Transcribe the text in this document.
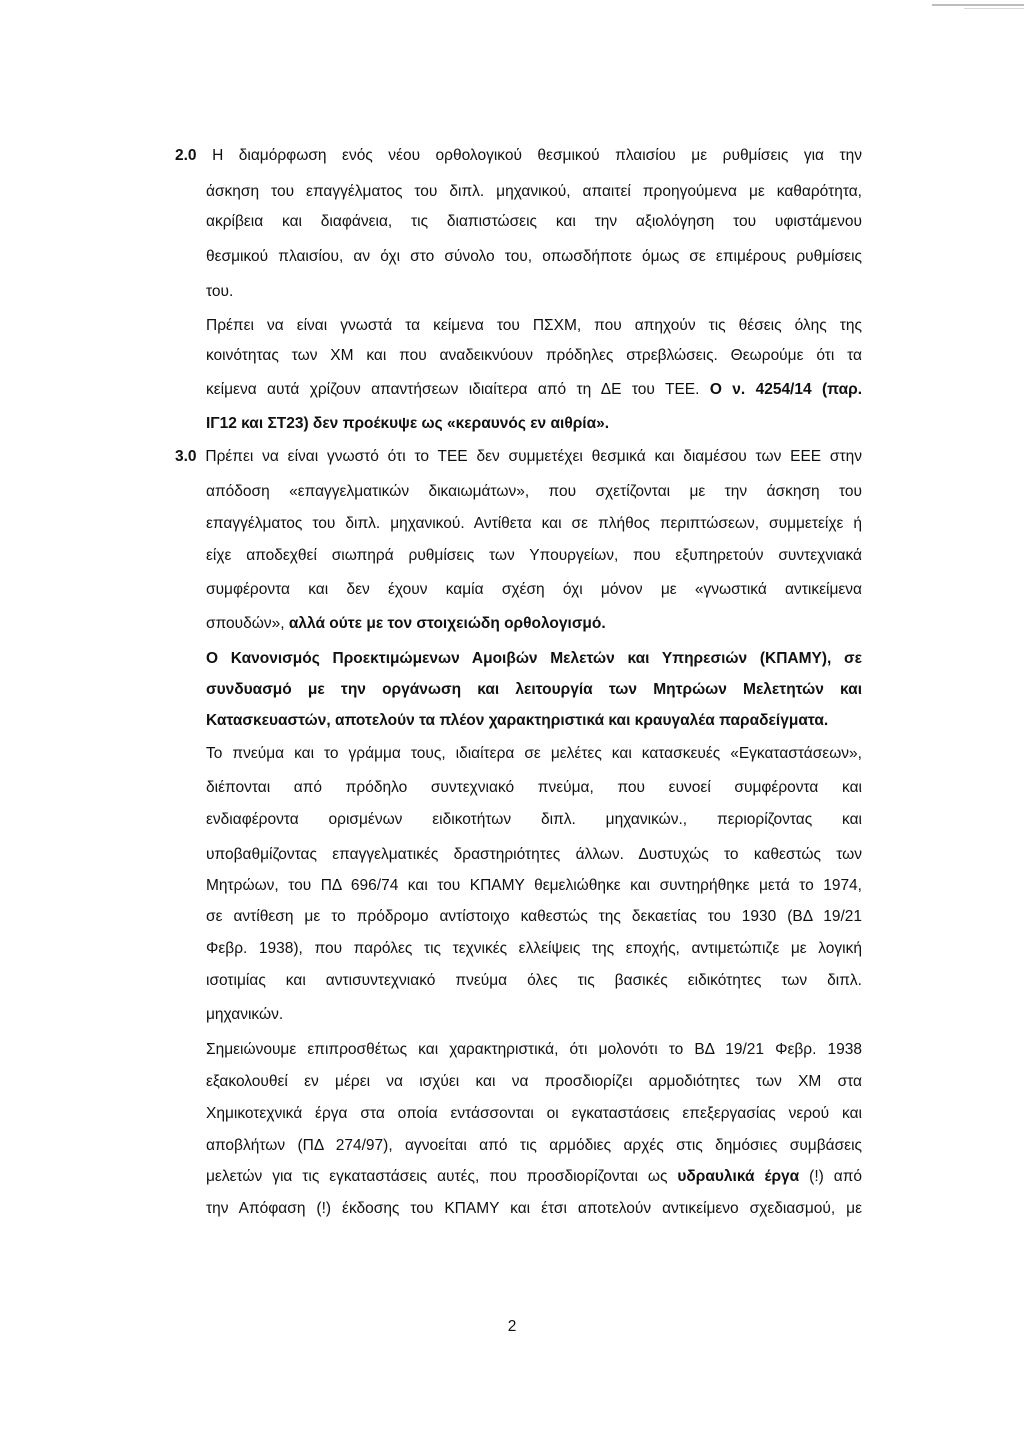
2.0 Η διαμόρφωση ενός νέου ορθολογικού θεσμικού πλαισίου με ρυθμίσεις για την
άσκηση του επαγγέλματος του διπλ. μηχανικού, απαιτεί προηγούμενα με καθαρότητα,
ακρίβεια και διαφάνεια, τις διαπιστώσεις και την αξιολόγηση του υφιστάμενου
θεσμικού πλαισίου, αν όχι στο σύνολο του, οπωσδήποτε όμως σε επιμέρους ρυθμίσεις
του.
Πρέπει να είναι γνωστά τα κείμενα του ΠΣΧΜ, που απηχούν τις θέσεις όλης της
κοινότητας των ΧΜ και που αναδεικνύουν πρόδηλες στρεβλώσεις. Θεωρούμε ότι τα
κείμενα αυτά χρίζουν απαντήσεων ιδιαίτερα από τη ΔΕ του ΤΕΕ. Ο ν. 4254/14 (παρ.
ΙΓ12 και ΣΤ23) δεν προέκυψε ως «κεραυνός εν αιθρία».
3.0 Πρέπει να είναι γνωστό ότι το ΤΕΕ δεν συμμετέχει θεσμικά και διαμέσου των ΕΕΕ στην
απόδοση «επαγγελματικών δικαιωμάτων», που σχετίζονται με την άσκηση του
επαγγέλματος του διπλ. μηχανικού. Αντίθετα και σε πλήθος περιπτώσεων, συμμετείχε ή
είχε αποδεχθεί σιωπηρά ρυθμίσεις των Υπουργείων, που εξυπηρετούν συντεχνιακά
συμφέροντα και δεν έχουν καμία σχέση όχι μόνον με «γνωστικά αντικείμενα
σπουδών», αλλά ούτε με τον στοιχειώδη ορθολογισμό.
Ο Κανονισμός Προεκτιμώμενων Αμοιβών Μελετών και Υπηρεσιών (ΚΠΑΜΥ), σε
συνδυασμό με την οργάνωση και λειτουργία των Μητρώων Μελετητών και
Κατασκευαστών, αποτελούν τα πλέον χαρακτηριστικά και κραυγαλέα παραδείγματα.
Το πνεύμα και το γράμμα τους, ιδιαίτερα σε μελέτες και κατασκευές «Εγκαταστάσεων»,
διέπονται από πρόδηλο συντεχνιακό πνεύμα, που ευνοεί συμφέροντα και
ενδιαφέροντα ορισμένων ειδικοτήτων διπλ. μηχανικών., περιορίζοντας και
υποβαθμίζοντας επαγγελματικές δραστηριότητες άλλων. Δυστυχώς το καθεστώς των
Μητρώων, του ΠΔ 696/74 και του ΚΠΑΜΥ θεμελιώθηκε και συντηρήθηκε μετά το 1974,
σε αντίθεση με το πρόδρομο αντίστοιχο καθεστώς της δεκαετίας του 1930 (ΒΔ 19/21
Φεβρ. 1938), που παρόλες τις τεχνικές ελλείψεις της εποχής, αντιμετώπιζε με λογική
ισοτιμίας και αντισυντεχνιακό πνεύμα όλες τις βασικές ειδικότητες των διπλ.
μηχανικών.
Σημειώνουμε επιπροσθέτως και χαρακτηριστικά, ότι μολονότι το ΒΔ 19/21 Φεβρ. 1938
εξακολουθεί εν μέρει να ισχύει και να προσδιορίζει αρμοδιότητες των ΧΜ στα
Χημικοτεχνικά έργα στα οποία εντάσσονται οι εγκαταστάσεις επεξεργασίας νερού και
αποβλήτων (ΠΔ 274/97), αγνοείται από τις αρμόδιες αρχές στις δημόσιες συμβάσεις
μελετών για τις εγκαταστάσεις αυτές, που προσδιορίζονται ως υδραυλικά έργα (!) από
την Απόφαση (!) έκδοσης του ΚΠΑΜΥ και έτσι αποτελούν αντικείμενο σχεδιασμού, με
2
